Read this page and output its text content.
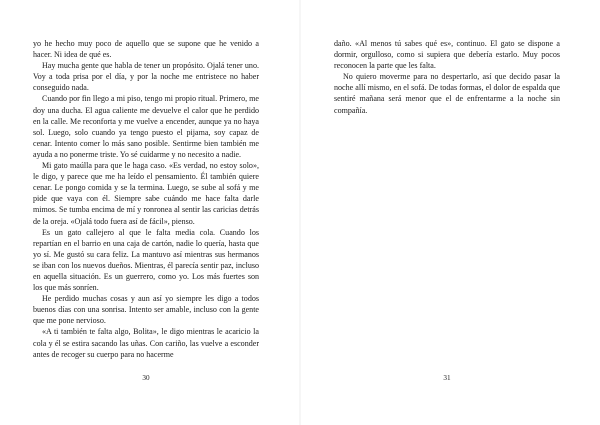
yo he hecho muy poco de aquello que se supone que he venido a hacer. Ni idea de qué es.

Hay mucha gente que habla de tener un propósito. Ojalá tener uno. Voy a toda prisa por el día, y por la noche me entristece no haber conseguido nada.

Cuando por fin llego a mi piso, tengo mi propio ritual. Primero, me doy una ducha. El agua caliente me devuelve el calor que he perdido en la calle. Me reconforta y me vuelve a encender, aunque ya no haya sol. Luego, solo cuando ya tengo puesto el pijama, soy capaz de cenar. Intento comer lo más sano posible. Sentirme bien también me ayuda a no ponerme triste. Yo sé cuidarme y no necesito a nadie.

Mi gato maúlla para que le haga caso. «Es verdad, no estoy solo», le digo, y parece que me ha leído el pensamiento. Él también quiere cenar. Le pongo comida y se la termina. Luego, se sube al sofá y me pide que vaya con él. Siempre sabe cuándo me hace falta darle mimos. Se tumba encima de mí y ronronea al sentir las caricias detrás de la oreja. «Ojalá todo fuera así de fácil», pienso.

Es un gato callejero al que le falta media cola. Cuando los repartían en el barrio en una caja de cartón, nadie lo quería, hasta que yo sí. Me gustó su cara feliz. La mantuvo así mientras sus hermanos se iban con los nuevos dueños. Mientras, él parecía sentir paz, incluso en aquella situación. Es un guerrero, como yo. Los más fuertes son los que más sonríen.

He perdido muchas cosas y aun así yo siempre les digo a todos buenos días con una sonrisa. Intento ser amable, incluso con la gente que me pone nervioso.

«A ti también te falta algo, Bolita», le digo mientras le acaricio la cola y él se estira sacando las uñas. Con cariño, las vuelve a esconder antes de recoger su cuerpo para no hacerme

30

daño. «Al menos tú sabes qué es», continuo. El gato se dispone a dormir, orgulloso, como si supiera que debería estarlo. Muy pocos reconocen la parte que les falta.

No quiero moverme para no despertarlo, así que decido pasar la noche allí mismo, en el sofá. De todas formas, el dolor de espalda que sentiré mañana será menor que el de enfrentarme a la noche sin compañía.

31
